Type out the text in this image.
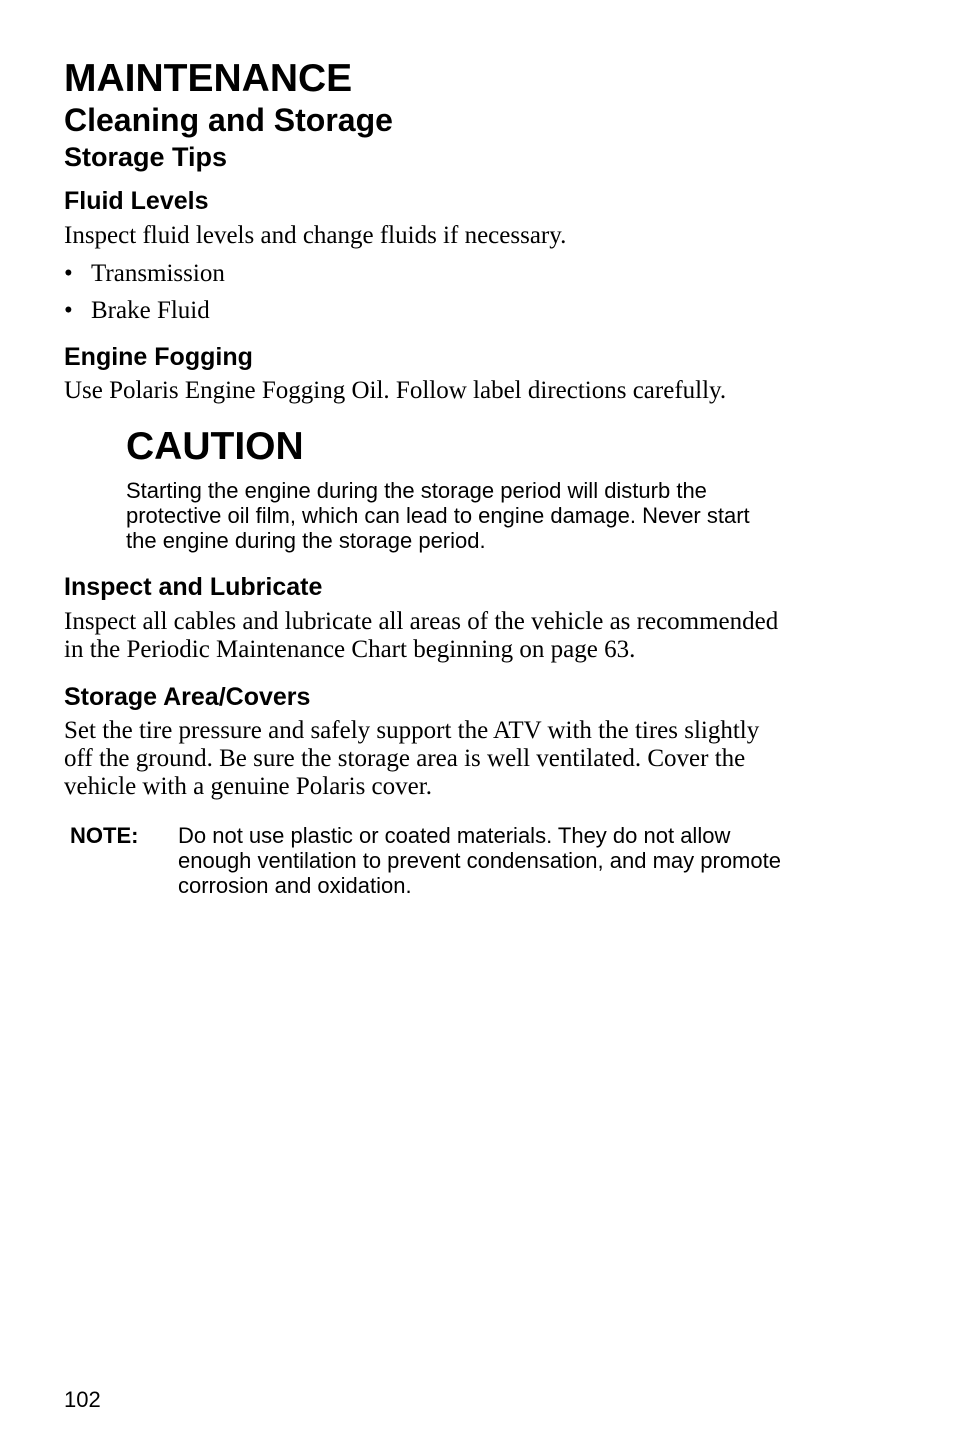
MAINTENANCE
Cleaning and Storage
Storage Tips
Fluid Levels

Inspect fluid levels and change fluids if necessary.

• Transmission
• Brake Fluid
Engine Fogging

Use Polaris Engine Fogging Oil. Follow label directions carefully.

CAUTION
Starting the engine during the storage period will disturb the
protective oil film, which can lead to engine damage. Never start
the engine during the storage period.
Inspect and Lubricate
Inspect all cables and lubricate all areas of the vehicle as recommended
in the Periodic Maintenance Chart beginning on page 63.
Storage Area/Covers
Set the tire pressure and safely support the ATV with the tires slightly
off the ground. Be sure the storage area is well ventilated. Cover the
vehicle with a genuine Polaris cover.
NOTE: Do not use plastic or coated materials. They do not allow
enough ventilation to prevent condensation, and may promote
corrosion and oxidation.
102
